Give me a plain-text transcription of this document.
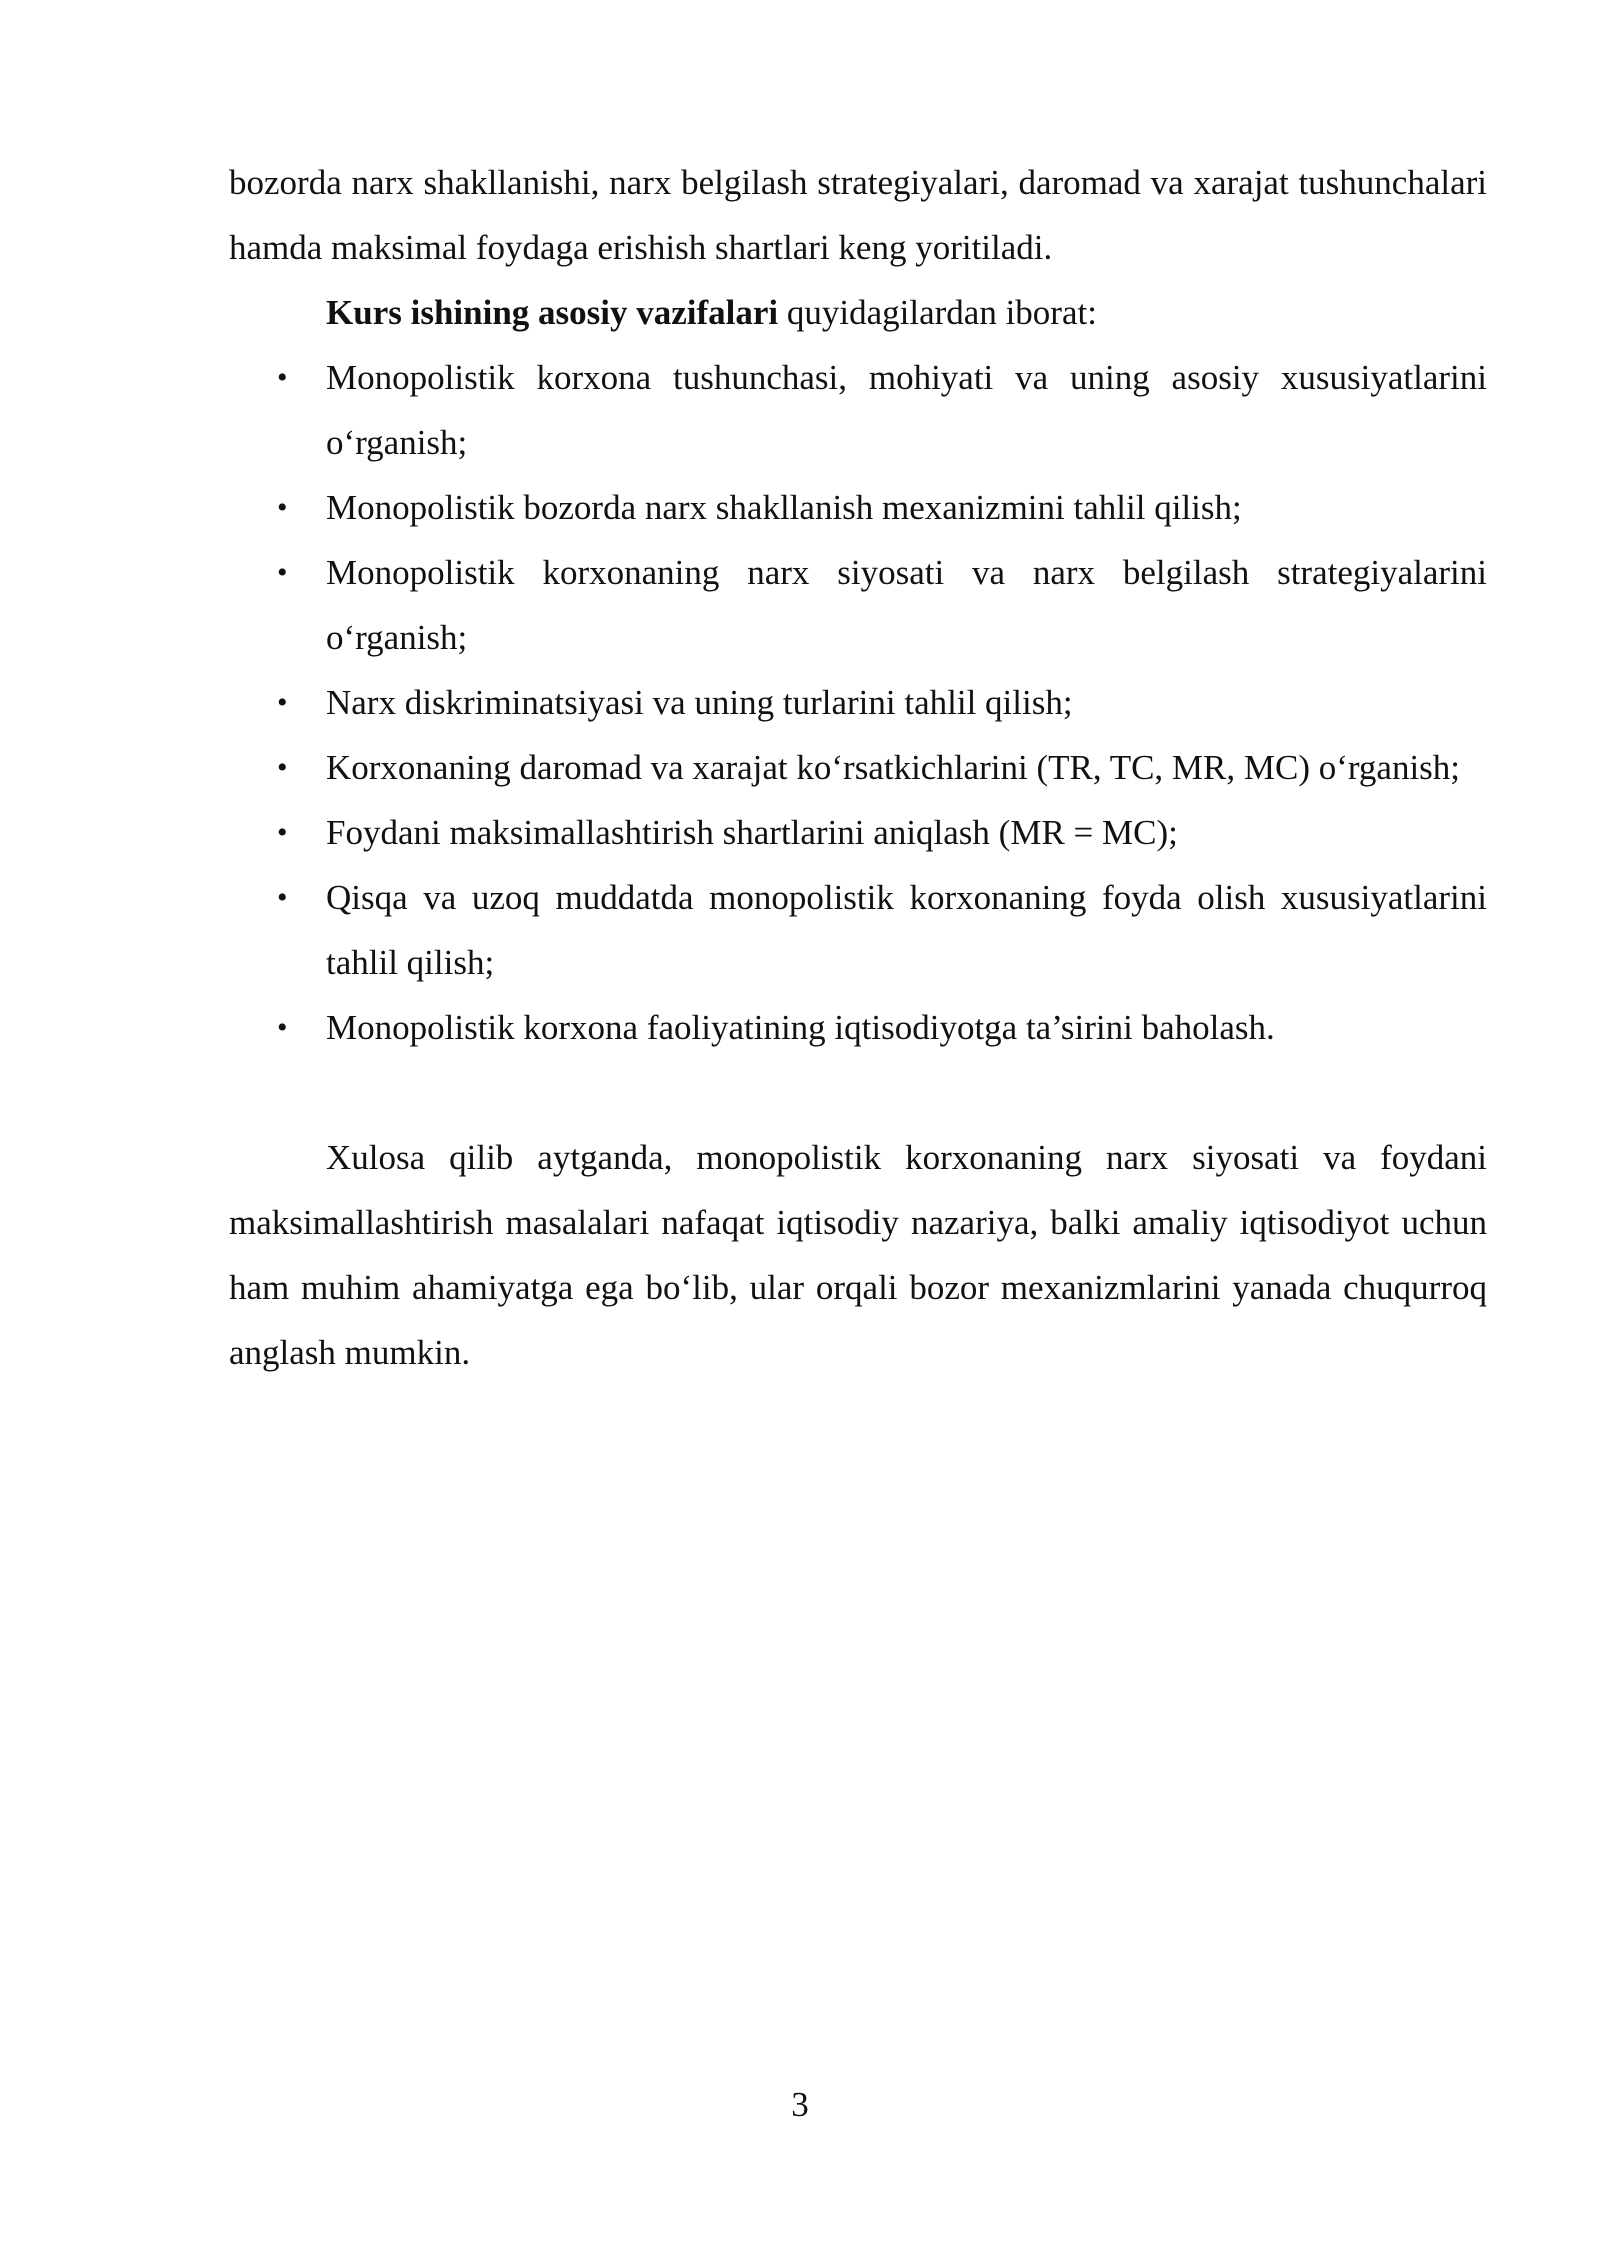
bozorda narx shakllanishi, narx belgilash strategiyalari, daromad va xarajat tushunchalari hamda maksimal foydaga erishish shartlari keng yoritiladi.

Kurs ishining asosiy vazifalari quyidagilardan iborat:

• Monopolistik korxona tushunchasi, mohiyati va uning asosiy xususiyatlarini o‘rganish;
• Monopolistik bozorda narx shakllanish mexanizmini tahlil qilish;
• Monopolistik korxonaning narx siyosati va narx belgilash strategiyalarini o‘rganish;
• Narx diskriminatsiyasi va uning turlarini tahlil qilish;
• Korxonaning daromad va xarajat ko‘rsatkichlarini (TR, TC, MR, MC) o‘rganish;
• Foydani maksimallashtirish shartlarini aniqlash (MR = MC);
• Qisqa va uzoq muddatda monopolistik korxonaning foyda olish xususiyatlarini tahlil qilish;
• Monopolistik korxona faoliyatining iqtisodiyotga ta’sirini baholash.

Xulosa qilib aytganda, monopolistik korxonaning narx siyosati va foydani maksimallashtirish masalalari nafaqat iqtisodiy nazariya, balki amaliy iqtisodiyot uchun ham muhim ahamiyatga ega bo‘lib, ular orqali bozor mexanizmlarini yanada chuqurroq anglash mumkin.

3
